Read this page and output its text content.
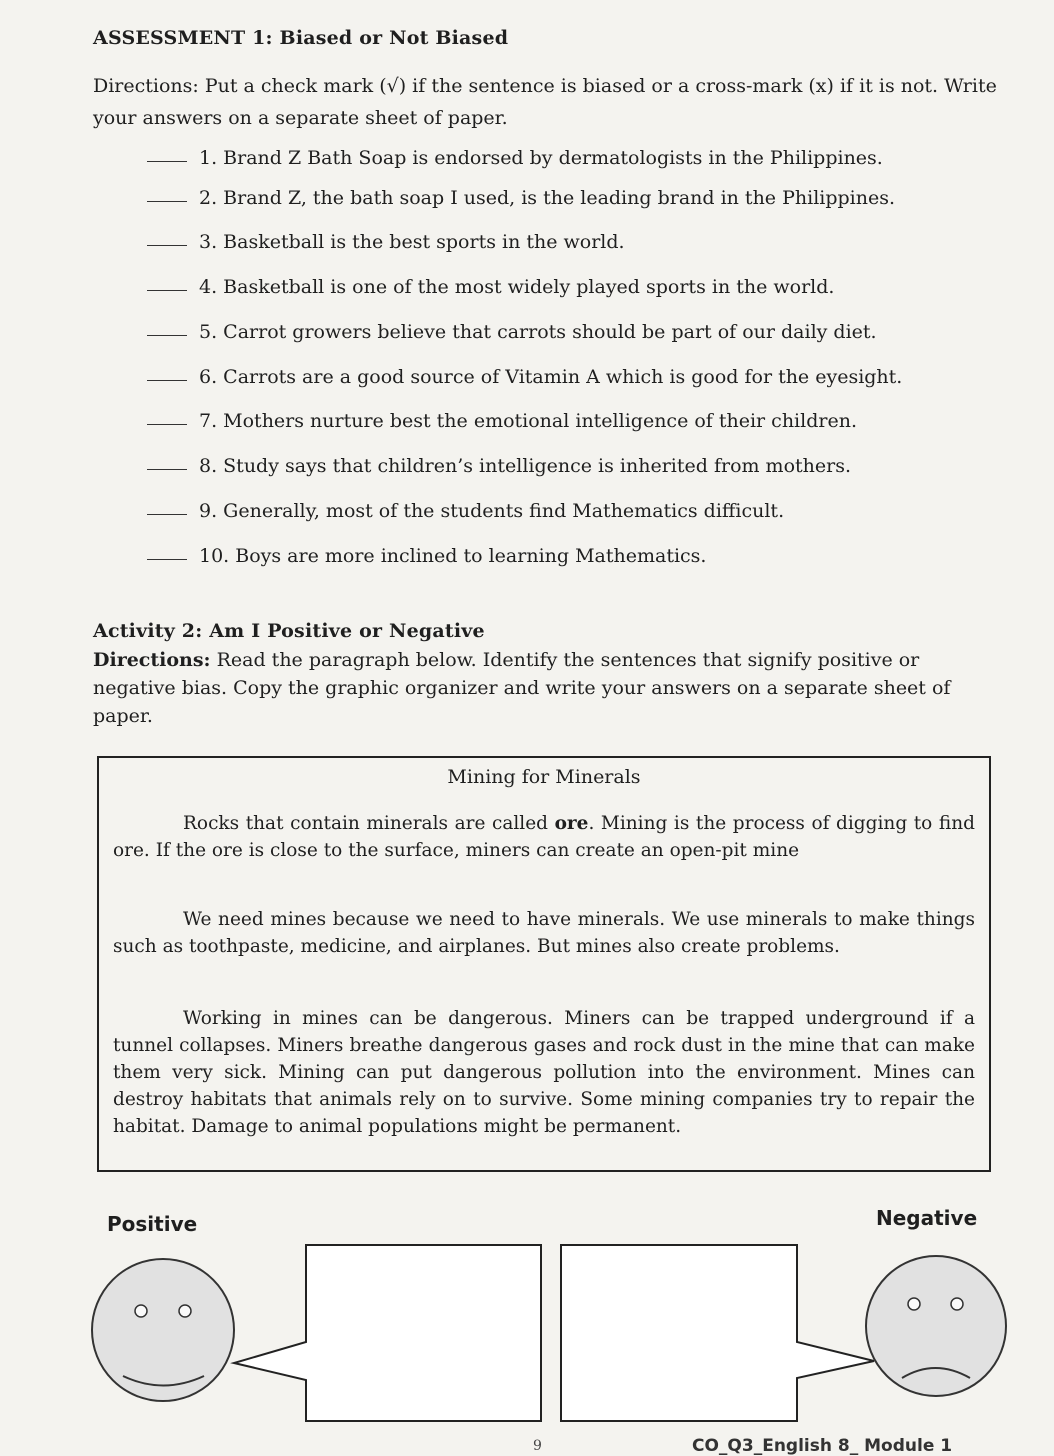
ASSESSMENT 1: Biased or Not Biased
Directions: Put a check mark (√) if the sentence is biased or a cross-mark (x) if it is not. Write your answers on a separate sheet of paper.
1. Brand Z Bath Soap is endorsed by dermatologists in the Philippines.
2. Brand Z, the bath soap I used, is the leading brand in the Philippines.
3. Basketball is the best sports in the world.
4. Basketball is one of the most widely played sports in the world.
5. Carrot growers believe that carrots should be part of our daily diet.
6. Carrots are a good source of Vitamin A which is good for the eyesight.
7. Mothers nurture best the emotional intelligence of their children.
8. Study says that children’s intelligence is inherited from mothers.
9. Generally, most of the students find Mathematics difficult.
10. Boys are more inclined to learning Mathematics.
Activity 2: Am I Positive or Negative
Directions: Read the paragraph below. Identify the sentences that signify positive or negative bias. Copy the graphic organizer and write your answers on a separate sheet of paper.
Mining for Minerals

Rocks that contain minerals are called ore. Mining is the process of digging to find ore. If the ore is close to the surface, miners can create an open-pit mine

We need mines because we need to have minerals. We use minerals to make things such as toothpaste, medicine, and airplanes. But mines also create problems.

Working in mines can be dangerous. Miners can be trapped underground if a tunnel collapses. Miners breathe dangerous gases and rock dust in the mine that can make them very sick. Mining can put dangerous pollution into the environment. Mines can destroy habitats that animals rely on to survive. Some mining companies try to repair the habitat. Damage to animal populations might be permanent.

Positive	Negative
9	CO_Q3_English 8_ Module 1
